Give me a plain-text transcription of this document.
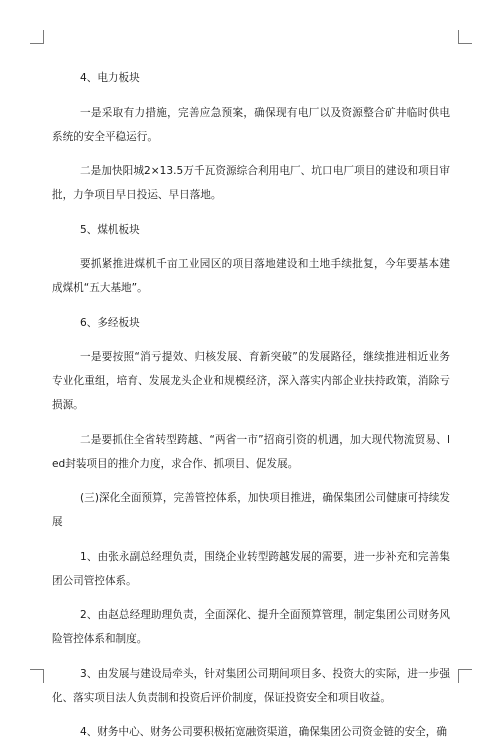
4、电力板块

一是采取有力措施，完善应急预案，确保现有电厂以及资源整合矿井临时供电系统的安全平稳运行。

二是加快阳城2×13.5万千瓦资源综合利用电厂、坑口电厂项目的建设和项目审批，力争项目早日投运、早日落地。

5、煤机板块

要抓紧推进煤机千亩工业园区的项目落地建设和土地手续批复，今年要基本建成煤机“五大基地”。

6、多经板块

一是要按照“消亏提效、归核发展、育新突破”的发展路径，继续推进相近业务专业化重组，培育、发展龙头企业和规模经济，深入落实内部企业扶持政策，消除亏损源。

二是要抓住全省转型跨越、“两省一市”招商引资的机遇，加大现代物流贸易、led封装项目的推介力度，求合作、抓项目、促发展。

(三)深化全面预算，完善管控体系，加快项目推进，确保集团公司健康可持续发展

1、由张永副总经理负责，围绕企业转型跨越发展的需要，进一步补充和完善集团公司管控体系。

2、由赵总经理助理负责，全面深化、提升全面预算管理，制定集团公司财务风险管控体系和制度。

3、由发展与建设局牵头，针对集团公司期间项目多、投资大的实际，进一步强化、落实项目法人负责制和投资后评价制度，保证投资安全和项目收益。

4、财务中心、财务公司要积极拓宽融资渠道，确保集团公司资金链的安全，确
